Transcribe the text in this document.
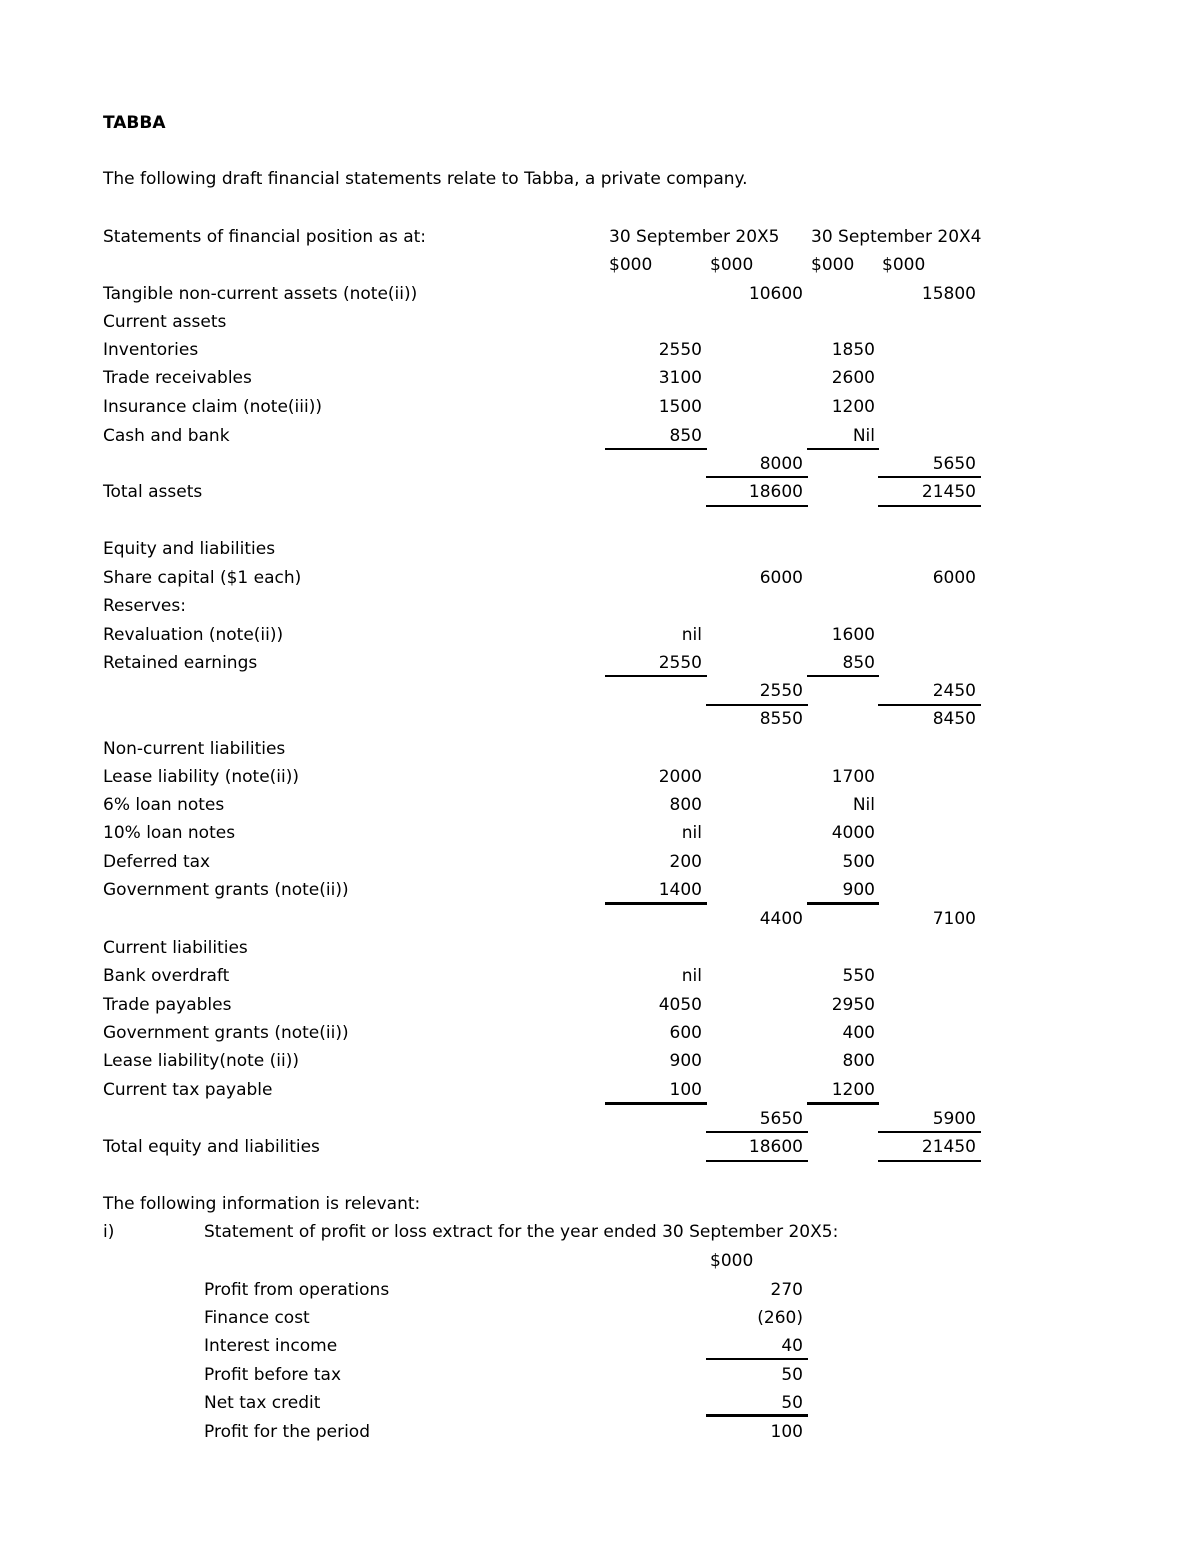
TABBA
The following draft financial statements relate to Tabba, a private company.
Statements of financial position as at:	30 September 20X5 30 September 20X4
$000	$000	$000 $000
Tangible non-current assets (note(ii))	10600	15800
Current assets
Inventories	2550	1850
Trade receivables	3100	2600
Insurance claim (note(iii))	1500	1200
Cash and bank	850	Nil
8000	5650
Total assets	18600	21450
Equity and liabilities
Share capital ($1 each)	6000	6000
Reserves:
Revaluation (note(ii))	nil	1600
Retained earnings	2550	850
2550	2450
8550	8450
Non-current liabilities
Lease liability (note(ii))	2000	1700
6% loan notes	800	Nil
10% loan notes	nil	4000
Deferred tax	200	500
Government grants (note(ii))	1400	900
4400	7100
Current liabilities
Bank overdraft	nil	550
Trade payables	4050	2950
Government grants (note(ii))	600	400
Lease liability(note (ii))	900	800
Current tax payable	100	1200
5650	5900
Total equity and liabilities	18600	21450
The following information is relevant:
i)	Statement of profit or loss extract for the year ended 30 September 20X5:
$000
Profit from operations	270
Finance cost	(260)
Interest income	40
Profit before tax	50
Net tax credit	50
Profit for the period	100
